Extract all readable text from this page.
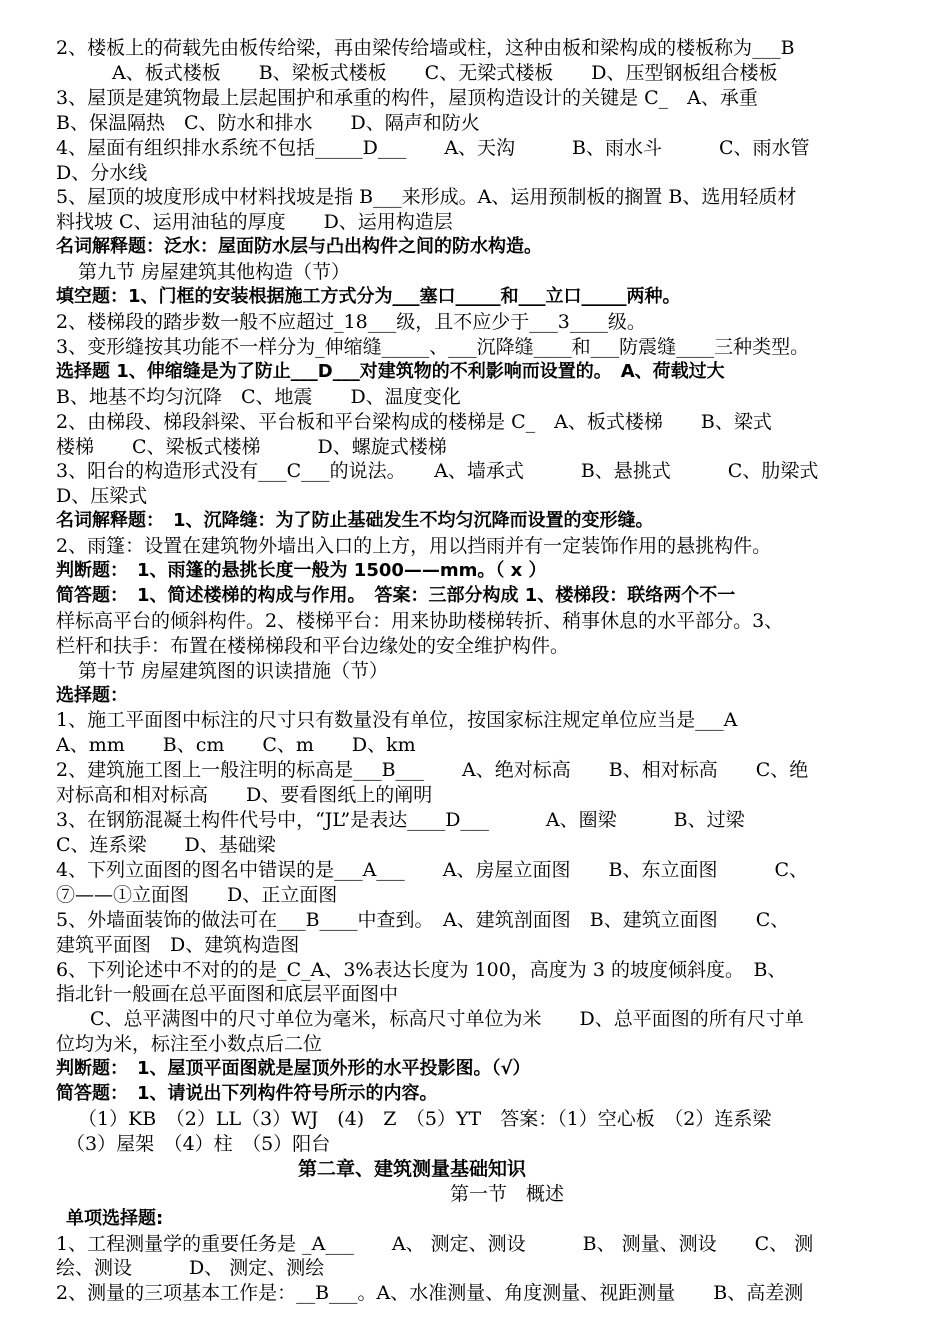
2、楼板上的荷载先由板传给梁，再由梁传给墙或柱，这种由板和梁构成的楼板称为___B
A、板式楼板　　B、梁板式楼板　　C、无梁式楼板　　D、压型钢板组合楼板
3、屋顶是建筑物最上层起围护和承重的构件，屋顶构造设计的关键是 C_　A、承重
B、保温隔热　C、防水和排水　　D、隔声和防火
4、屋面有组织排水系统不包括_____D___　　A、天沟　　　B、雨水斗　　　C、雨水管
D、分水线
5、屋顶的坡度形成中材料找坡是指 B___来形成。A、运用预制板的搁置 B、选用轻质材
料找坡 C、运用油毡的厚度　　D、运用构造层
名词解释题：泛水：屋面防水层与凸出构件之间的防水构造。
第九节 房屋建筑其他构造（节）
填空题：1、门框的安装根据施工方式分为___塞口_____和___立口_____两种。
2、楼梯段的踏步数一般不应超过_18___级，且不应少于___3____级。
3、变形缝按其功能不一样分为_伸缩缝_____、___沉降缝____和___防震缝____三种类型。
选择题 1、伸缩缝是为了防止___D___对建筑物的不利影响而设置的。　A、荷载过大
B、地基不均匀沉降　C、地震　　D、温度变化
2、由梯段、梯段斜梁、平台板和平台梁构成的楼梯是 C_　A、板式楼梯　　B、梁式
楼梯　　C、梁板式楼梯　　　D、螺旋式楼梯
3、阳台的构造形式没有___C___的说法。　　A、墙承式　　　B、悬挑式　　　C、肋梁式
D、压梁式
名词解释题：　1、沉降缝：为了防止基础发生不均匀沉降而设置的变形缝。
2、雨篷：设置在建筑物外墙出入口的上方，用以挡雨并有一定装饰作用的悬挑构件。
判断题：　1、雨篷的悬挑长度一般为 1500——mm。（ x ）
简答题：　1、简述楼梯的构成与作用。　答案：三部分构成 1、楼梯段：联络两个不一
样标高平台的倾斜构件。2、楼梯平台：用来协助楼梯转折、稍事休息的水平部分。3、
栏杆和扶手：布置在楼梯梯段和平台边缘处的安全维护构件。
第十节 房屋建筑图的识读措施（节）
选择题：
1、施工平面图中标注的尺寸只有数量没有单位，按国家标注规定单位应当是___A
A、mm　　B、cm　　C、m　　D、km
2、建筑施工图上一般注明的标高是___B___　　A、绝对标高　　B、相对标高　　C、绝
对标高和相对标高　　D、要看图纸上的阐明
3、在钢筋混凝土构件代号中，“JL”是表达____D___　　　A、圈梁　　　B、过梁
C、连系梁　　D、基础梁
4、下列立面图的图名中错误的是___A___　　A、房屋立面图　　B、东立面图　　　C、
⑦——①立面图　　D、正立面图
5、外墙面装饰的做法可在___B____中查到。　A、建筑剖面图　B、建筑立面图　　C、
建筑平面图　D、建筑构造图
6、下列论述中不对的的是_C_A、3%表达长度为 100，高度为 3 的坡度倾斜度。　B、
指北针一般画在总平面图和底层平面图中
C、总平满图中的尺寸单位为毫米，标高尺寸单位为米　　D、总平面图的所有尺寸单
位均为米，标注至小数点后二位
判断题：　1、屋顶平面图就是屋顶外形的水平投影图。（√）
简答题：　1、请说出下列构件符号所示的内容。
（1）KB　（2）LL（3）WJ　(4)　Z　（5）YT　答案：（1）空心板　（2）连系梁
（3）屋架　（4）柱　（5）阳台
第二章、建筑测量基础知识
第一节　概述
单项选择题:
1、工程测量学的重要任务是 _A___　　A、 测定、测设　　　B、 测量、测设　　C、 测
绘、测设　　　D、 测定、测绘
2、测量的三项基本工作是：__B___。A、水准测量、角度测量、视距测量　　B、高差测
